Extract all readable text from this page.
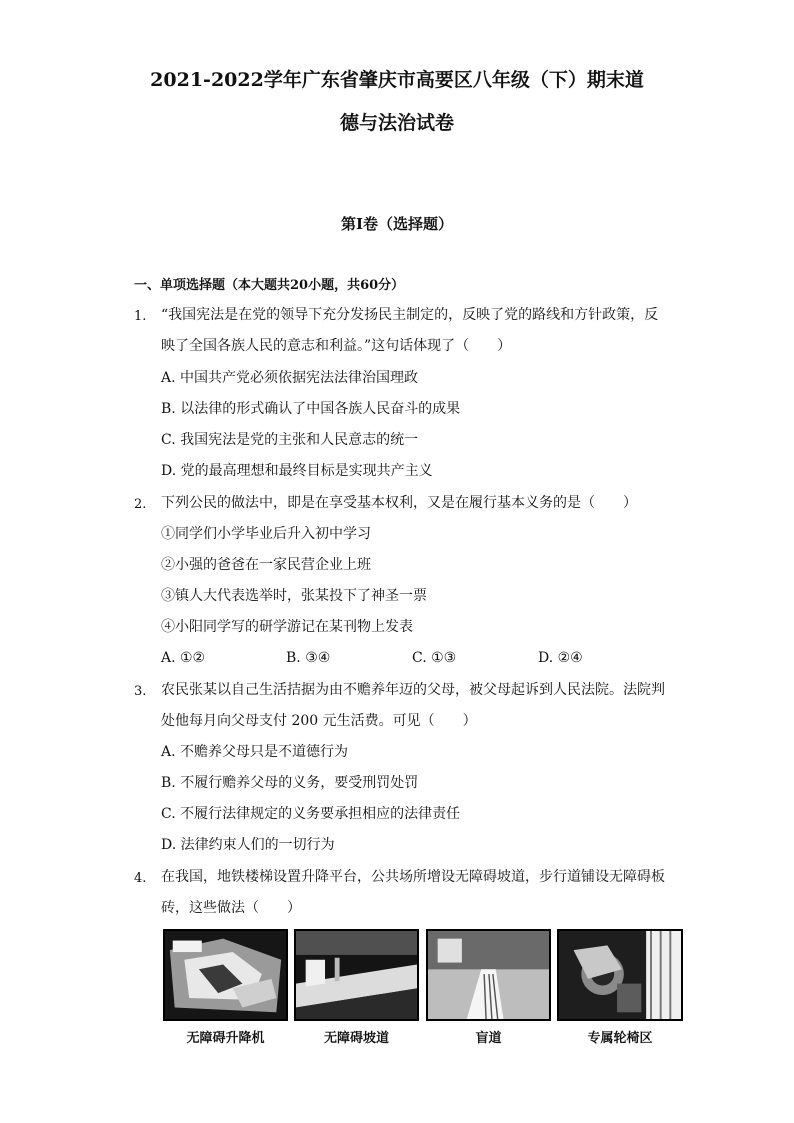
2021-2022学年广东省肇庆市高要区八年级（下）期末道
德与法治试卷
第Ⅰ卷（选择题）
一、单项选择题（本大题共20小题，共60分）
1. “我国宪法是在党的领导下充分发扬民主制定的，反映了党的路线和方针政策，反
映了全国各族人民的意志和利益。”这句话体现了（　　）
A. 中国共产党必须依据宪法法律治国理政
B. 以法律的形式确认了中国各族人民奋斗的成果
C. 我国宪法是党的主张和人民意志的统一
D. 党的最高理想和最终目标是实现共产主义
2. 下列公民的做法中，即是在享受基本权利，又是在履行基本义务的是（　　）
①同学们小学毕业后升入初中学习
②小强的爸爸在一家民营企业上班
③镇人大代表选举时，张某投下了神圣一票
④小阳同学写的研学游记在某刊物上发表
A. ①②	B. ③④	C. ①③	D. ②④
3. 农民张某以自己生活拮据为由不赡养年迈的父母，被父母起诉到人民法院。法院判
处他每月向父母支付 200 元生活费。可见（　　）
A. 不赡养父母只是不道德行为
B. 不履行赡养父母的义务，要受刑罚处罚
C. 不履行法律规定的义务要承担相应的法律责任
D. 法律约束人们的一切行为
4. 在我国，地铁楼梯设置升降平台，公共场所增设无障碍坡道，步行道铺设无障碍板
砖，这些做法（　　）
无障碍升降机	无障碍坡道	盲道	专属轮椅区
